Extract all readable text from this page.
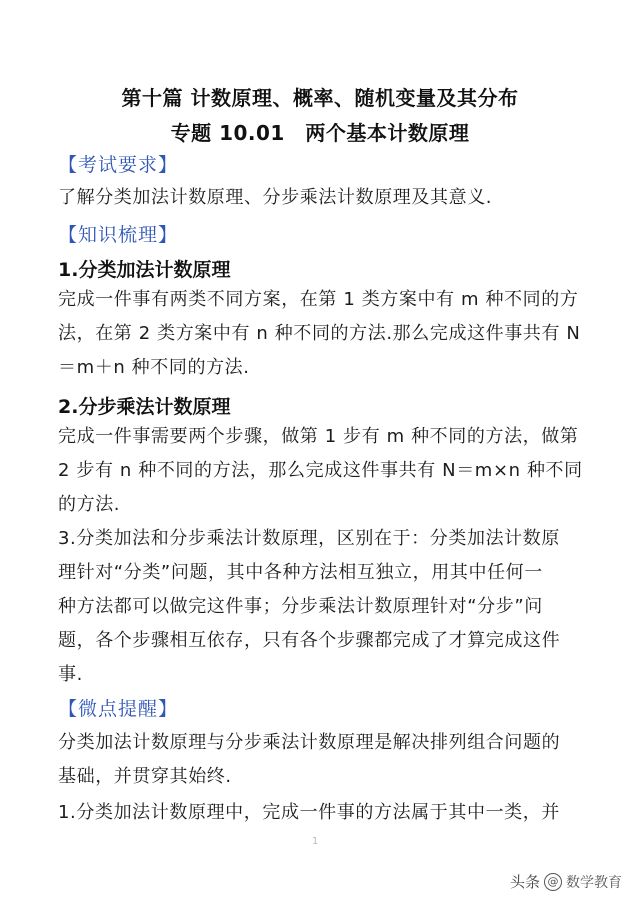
第十篇 计数原理、概率、随机变量及其分布
专题 10.01　两个基本计数原理
【考试要求】
了解分类加法计数原理、分步乘法计数原理及其意义.
【知识梳理】
1.分类加法计数原理
完成一件事有两类不同方案，在第 1 类方案中有 m 种不同的方
法，在第 2 类方案中有 n 种不同的方法.那么完成这件事共有 N
＝m＋n 种不同的方法.
2.分步乘法计数原理
完成一件事需要两个步骤，做第 1 步有 m 种不同的方法，做第
2 步有 n 种不同的方法，那么完成这件事共有 N＝m×n 种不同
的方法.
3.分类加法和分步乘法计数原理，区别在于：分类加法计数原
理针对“分类”问题，其中各种方法相互独立，用其中任何一
种方法都可以做完这件事；分步乘法计数原理针对“分步”问
题，各个步骤相互依存，只有各个步骤都完成了才算完成这件
事.
【微点提醒】
分类加法计数原理与分步乘法计数原理是解决排列组合问题的
基础，并贯穿其始终.
1.分类加法计数原理中，完成一件事的方法属于其中一类，并
1
头条 @ 数学教育
